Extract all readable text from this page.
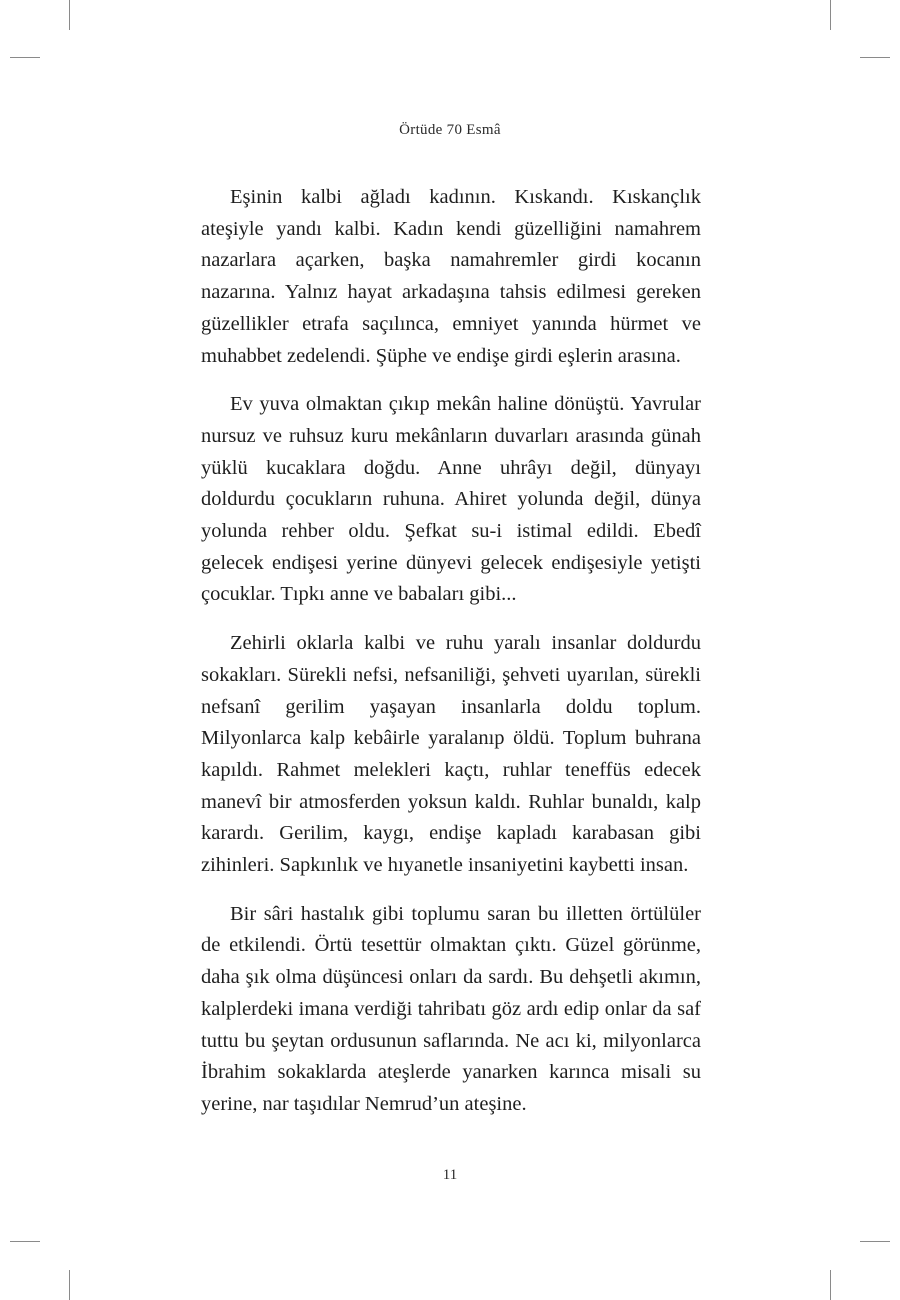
Örtüde 70 Esmâ

Eşinin kalbi ağladı kadının. Kıskandı. Kıskançlık ateşiyle yandı kalbi. Kadın kendi güzelliğini namahrem nazarlara açarken, başka namahremler girdi kocanın nazarına. Yalnız hayat arkadaşına tahsis edilmesi gereken güzellikler etrafa saçılınca, emniyet yanında hürmet ve muhabbet zedelendi. Şüphe ve endişe girdi eşlerin arasına.

Ev yuva olmaktan çıkıp mekân haline dönüştü. Yavrular nursuz ve ruhsuz kuru mekânların duvarları arasında günah yüklü kucaklara doğdu. Anne uhrâyı değil, dünyayı doldurdu çocukların ruhuna. Ahiret yolunda değil, dünya yolunda rehber oldu. Şefkat su-i istimal edildi. Ebedî gelecek endişesi yerine dünyevi gelecek endişesiyle yetişti çocuklar. Tıpkı anne ve babaları gibi...

Zehirli oklarla kalbi ve ruhu yaralı insanlar doldurdu sokakları. Sürekli nefsi, nefsaniliği, şehveti uyarılan, sürekli nefsanî gerilim yaşayan insanlarla doldu toplum. Milyonlarca kalp kebâirle yaralanıp öldü. Toplum buhrana kapıldı. Rahmet melekleri kaçtı, ruhlar teneffüs edecek manevî bir atmosferden yoksun kaldı. Ruhlar bunaldı, kalp karardı. Gerilim, kaygı, endişe kapladı karabasan gibi zihinleri. Sapkınlık ve hıyanetle insaniyetini kaybetti insan.

Bir sâri hastalık gibi toplumu saran bu illetten örtülüler de etkilendi. Örtü tesettür olmaktan çıktı. Güzel görünme, daha şık olma düşüncesi onları da sardı. Bu dehşetli akımın, kalplerdeki imana verdiği tahribatı göz ardı edip onlar da saf tuttu bu şeytan ordusunun saflarında. Ne acı ki, milyonlarca İbrahim sokaklarda ateşlerde yanarken karınca misali su yerine, nar taşıdılar Nemrud’un ateşine.

11
